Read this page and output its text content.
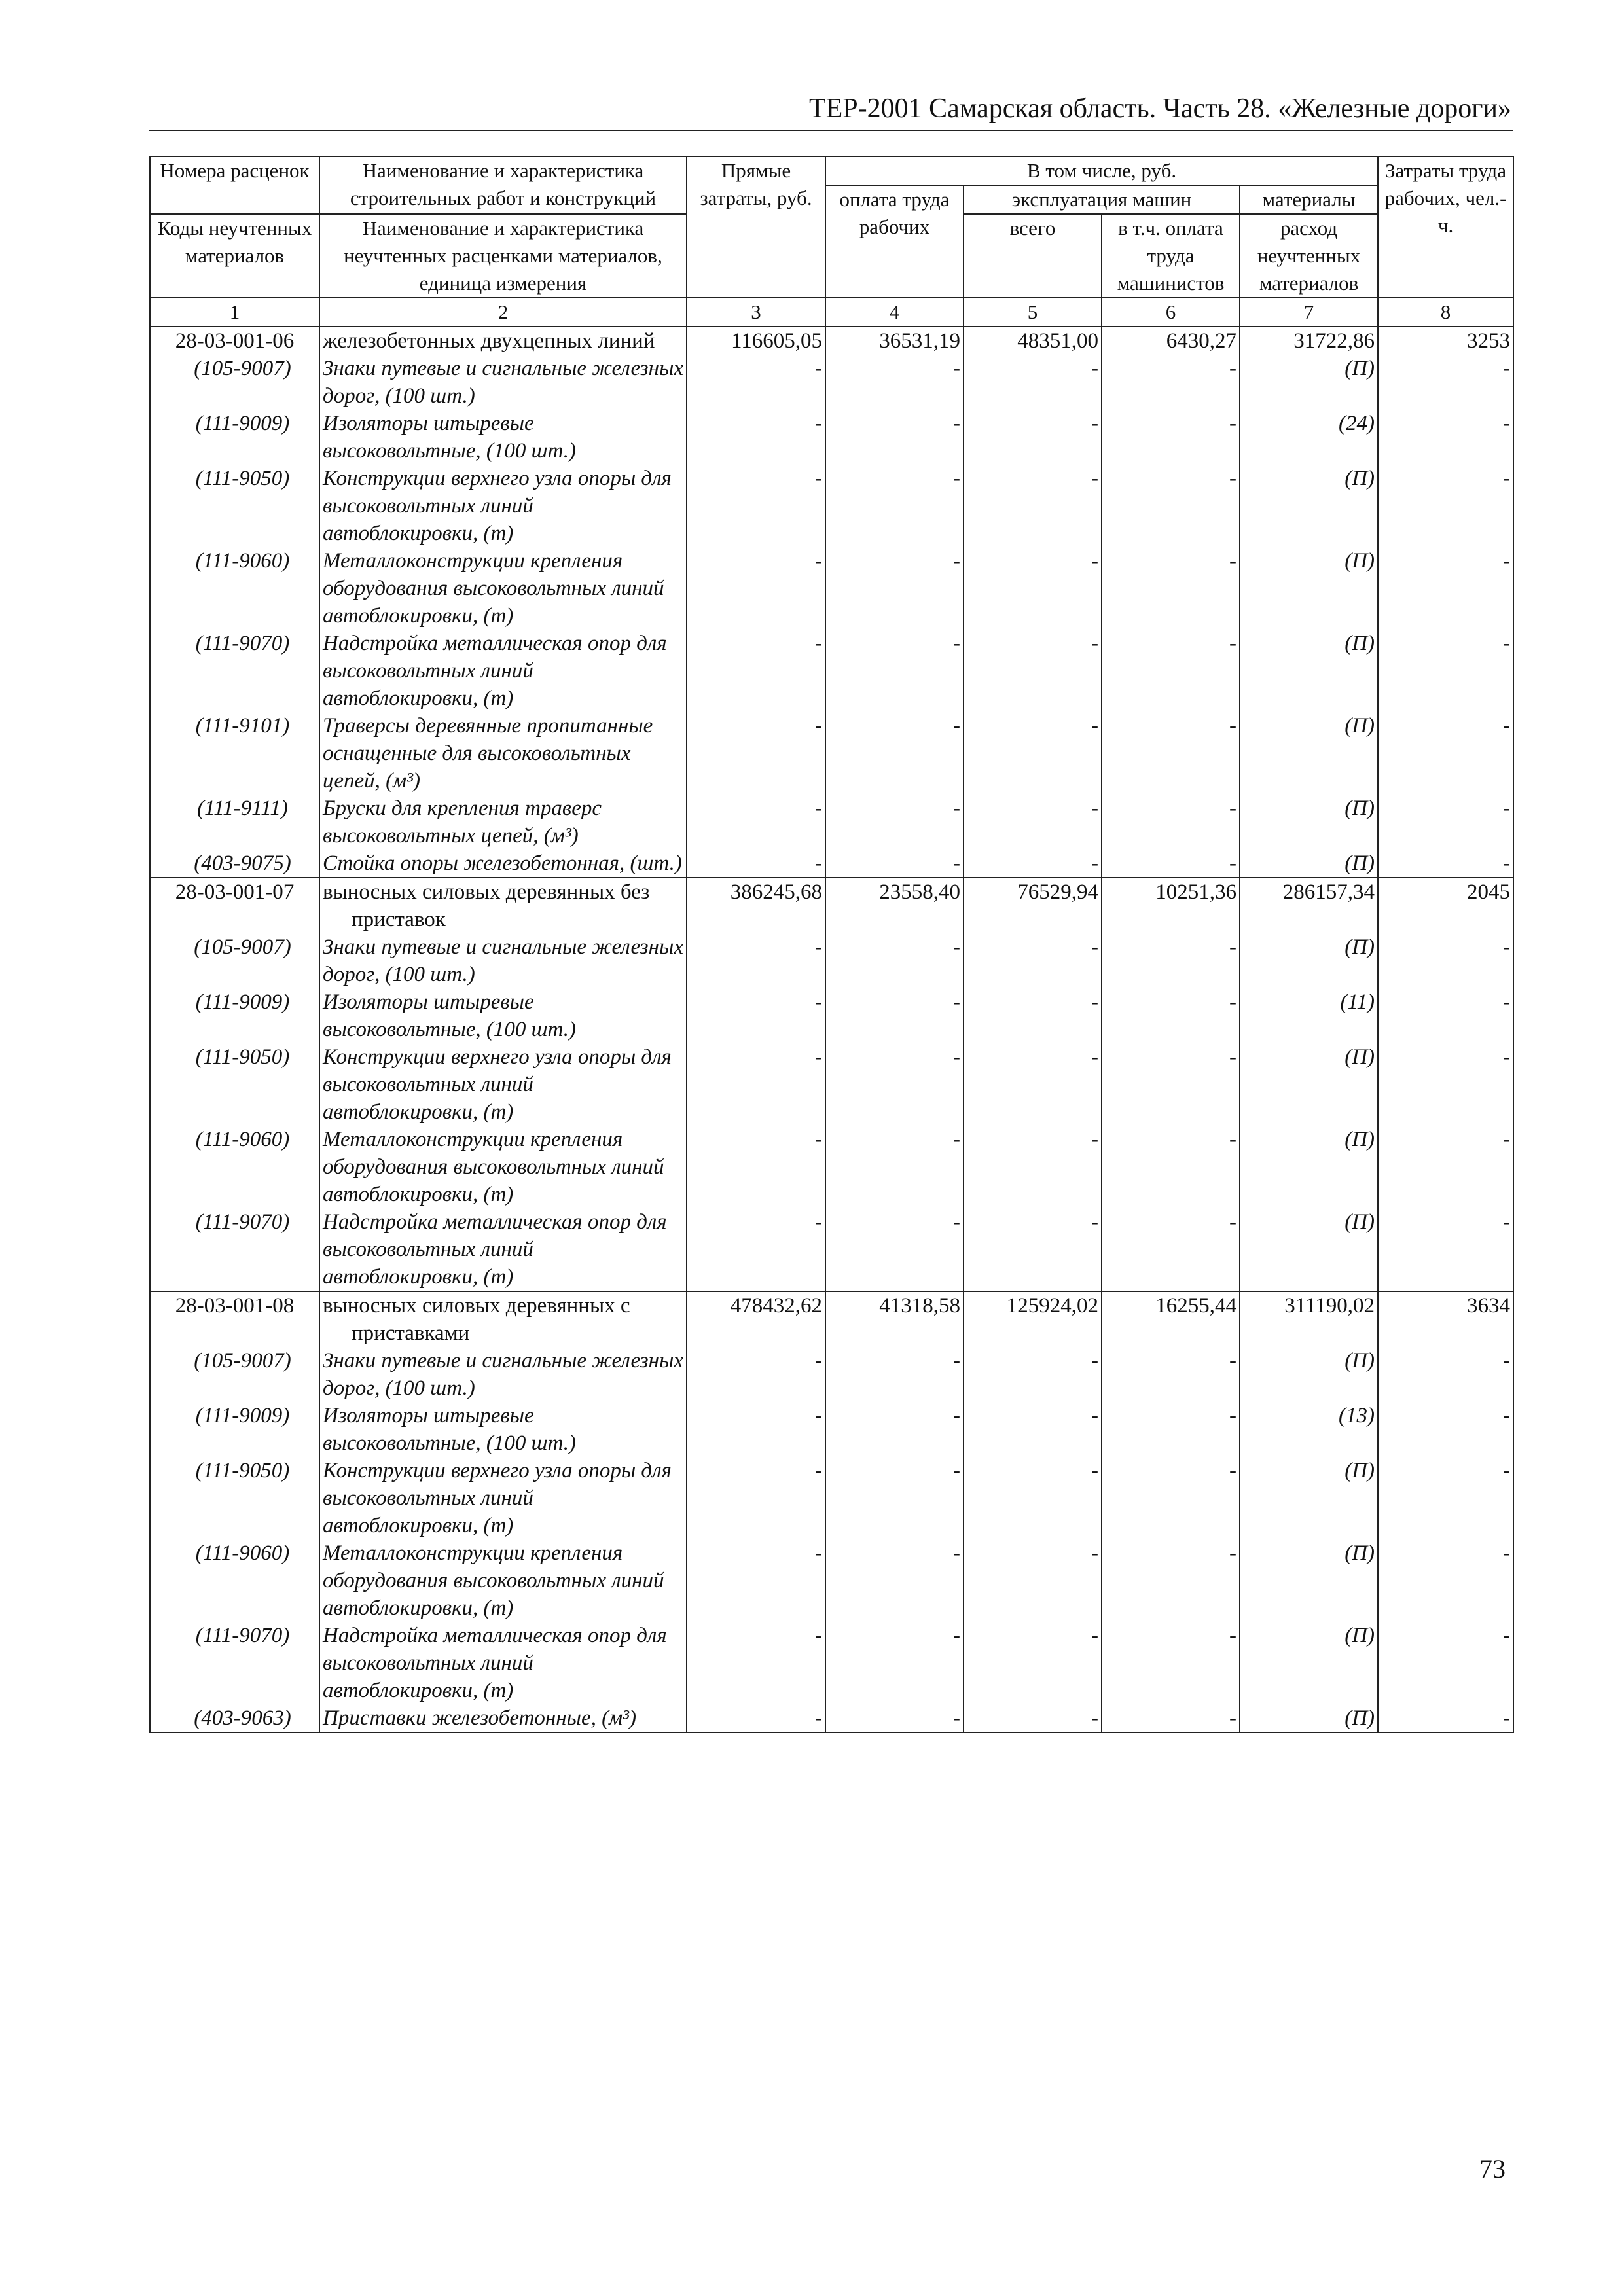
ТЕР-2001 Самарская область. Часть 28. «Железные дороги»
Номера расценок	Наименование и характеристика строительных работ и конструкций	Прямые затраты, руб.	В том числе, руб.				Затраты труда рабочих, чел.-ч.
			оплата труда рабочих	эксплуатация машин		материалы	
Коды неучтенных материалов	Наименование и характеристика неучтенных расценками материалов, единица измерения			всего	в т.ч. оплата труда машинистов	расход неучтенных материалов	

1	2	3	4	5	6	7	8
28-03-001-06	железобетонных двухцепных линий	116605,05	36531,19	48351,00	6430,27	31722,86	3253
(105-9007)	Знаки путевые и сигнальные железных дорог, (100 шт.)	-	-	-	-	(П)	-
(111-9009)	Изоляторы штыревые высоковольтные, (100 шт.)	-	-	-	-	(24)	-
(111-9050)	Конструкции верхнего узла опоры для высоковольтных линий автоблокировки, (т)	-	-	-	-	(П)	-
(111-9060)	Металлоконструкции крепления оборудования высоковольтных линий автоблокировки, (т)	-	-	-	-	(П)	-
(111-9070)	Надстройка металлическая опор для высоковольтных линий автоблокировки, (т)	-	-	-	-	(П)	-
(111-9101)	Траверсы деревянные пропитанные оснащенные для высоковольтных цепей, (м³)	-	-	-	-	(П)	-
(111-9111)	Бруски для крепления траверс высоковольтных цепей, (м³)	-	-	-	-	(П)	-
(403-9075)	Стойка опоры железобетонная, (шт.)	-	-	-	-	(П)	-
28-03-001-07	выносных силовых деревянных без приставок	386245,68	23558,40	76529,94	10251,36	286157,34	2045
(105-9007)	Знаки путевые и сигнальные железных дорог, (100 шт.)	-	-	-	-	(П)	-
(111-9009)	Изоляторы штыревые высоковольтные, (100 шт.)	-	-	-	-	(11)	-
(111-9050)	Конструкции верхнего узла опоры для высоковольтных линий автоблокировки, (т)	-	-	-	-	(П)	-
(111-9060)	Металлоконструкции крепления оборудования высоковольтных линий автоблокировки, (т)	-	-	-	-	(П)	-
(111-9070)	Надстройка металлическая опор для высоковольтных линий автоблокировки, (т)	-	-	-	-	(П)	-
28-03-001-08	выносных силовых деревянных с приставками	478432,62	41318,58	125924,02	16255,44	311190,02	3634
(105-9007)	Знаки путевые и сигнальные железных дорог, (100 шт.)	-	-	-	-	(П)	-
(111-9009)	Изоляторы штыревые высоковольтные, (100 шт.)	-	-	-	-	(13)	-
(111-9050)	Конструкции верхнего узла опоры для высоковольтных линий автоблокировки, (т)	-	-	-	-	(П)	-
(111-9060)	Металлоконструкции крепления оборудования высоковольтных линий автоблокировки, (т)	-	-	-	-	(П)	-
(111-9070)	Надстройка металлическая опор для высоковольтных линий автоблокировки, (т)	-	-	-	-	(П)	-
(403-9063)	Приставки железобетонные, (м³)	-	-	-	-	(П)	-
73
